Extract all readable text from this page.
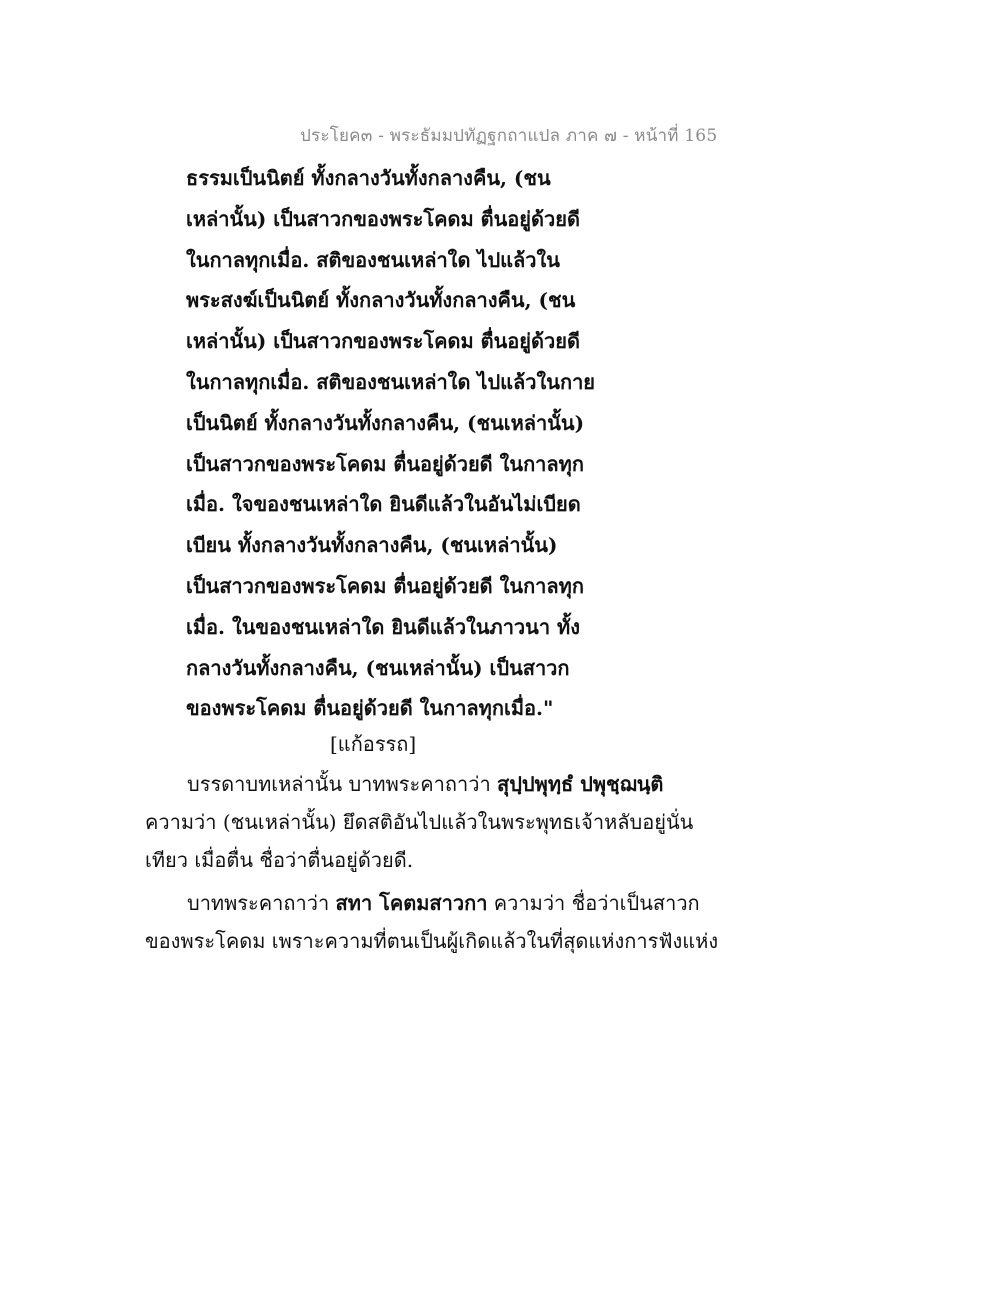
ประโยค๓ - พระธัมมปทัฏฐกถาแปล ภาค ๗ - หน้าที่ 165
ธรรมเป็นนิตย์ ทั้งกลางวันทั้งกลางคืน, (ชน
เหล่านั้น) เป็นสาวกของพระโคดม ตื่นอยู่ด้วยดี
ในกาลทุกเมื่อ. สติของชนเหล่าใด ไปแล้วใน
พระสงฆ์เป็นนิตย์ ทั้งกลางวันทั้งกลางคืน, (ชน
เหล่านั้น) เป็นสาวกของพระโคดม ตื่นอยู่ด้วยดี
ในกาลทุกเมื่อ. สติของชนเหล่าใด ไปแล้วในกาย
เป็นนิตย์ ทั้งกลางวันทั้งกลางคืน, (ชนเหล่านั้น)
เป็นสาวกของพระโคดม ตื่นอยู่ด้วยดี ในกาลทุก
เมื่อ. ใจของชนเหล่าใด ยินดีแล้วในอันไม่เบียด
เบียน ทั้งกลางวันทั้งกลางคืน, (ชนเหล่านั้น)
เป็นสาวกของพระโคดม ตื่นอยู่ด้วยดี ในกาลทุก
เมื่อ. ในของชนเหล่าใด ยินดีแล้วในภาวนา ทั้ง
กลางวันทั้งกลางคืน, (ชนเหล่านั้น) เป็นสาวก
ของพระโคดม ตื่นอยู่ด้วยดี ในกาลทุกเมื่อ."
[แก้อรรถ]
บรรดาบทเหล่านั้น บาทพระคาถาว่า สุปฺปพุทฺธํ ปพุชฺฌนฺติ
ความว่า (ชนเหล่านั้น) ยึดสติอันไปแล้วในพระพุทธเจ้าหลับอยู่นั่น
เทียว เมื่อตื่น ชื่อว่าตื่นอยู่ด้วยดี.
บาทพระคาถาว่า สทา โคตมสาวกา ความว่า ชื่อว่าเป็นสาวก
ของพระโคดม เพราะความที่ตนเป็นผู้เกิดแล้วในที่สุดแห่งการฟังแห่ง
